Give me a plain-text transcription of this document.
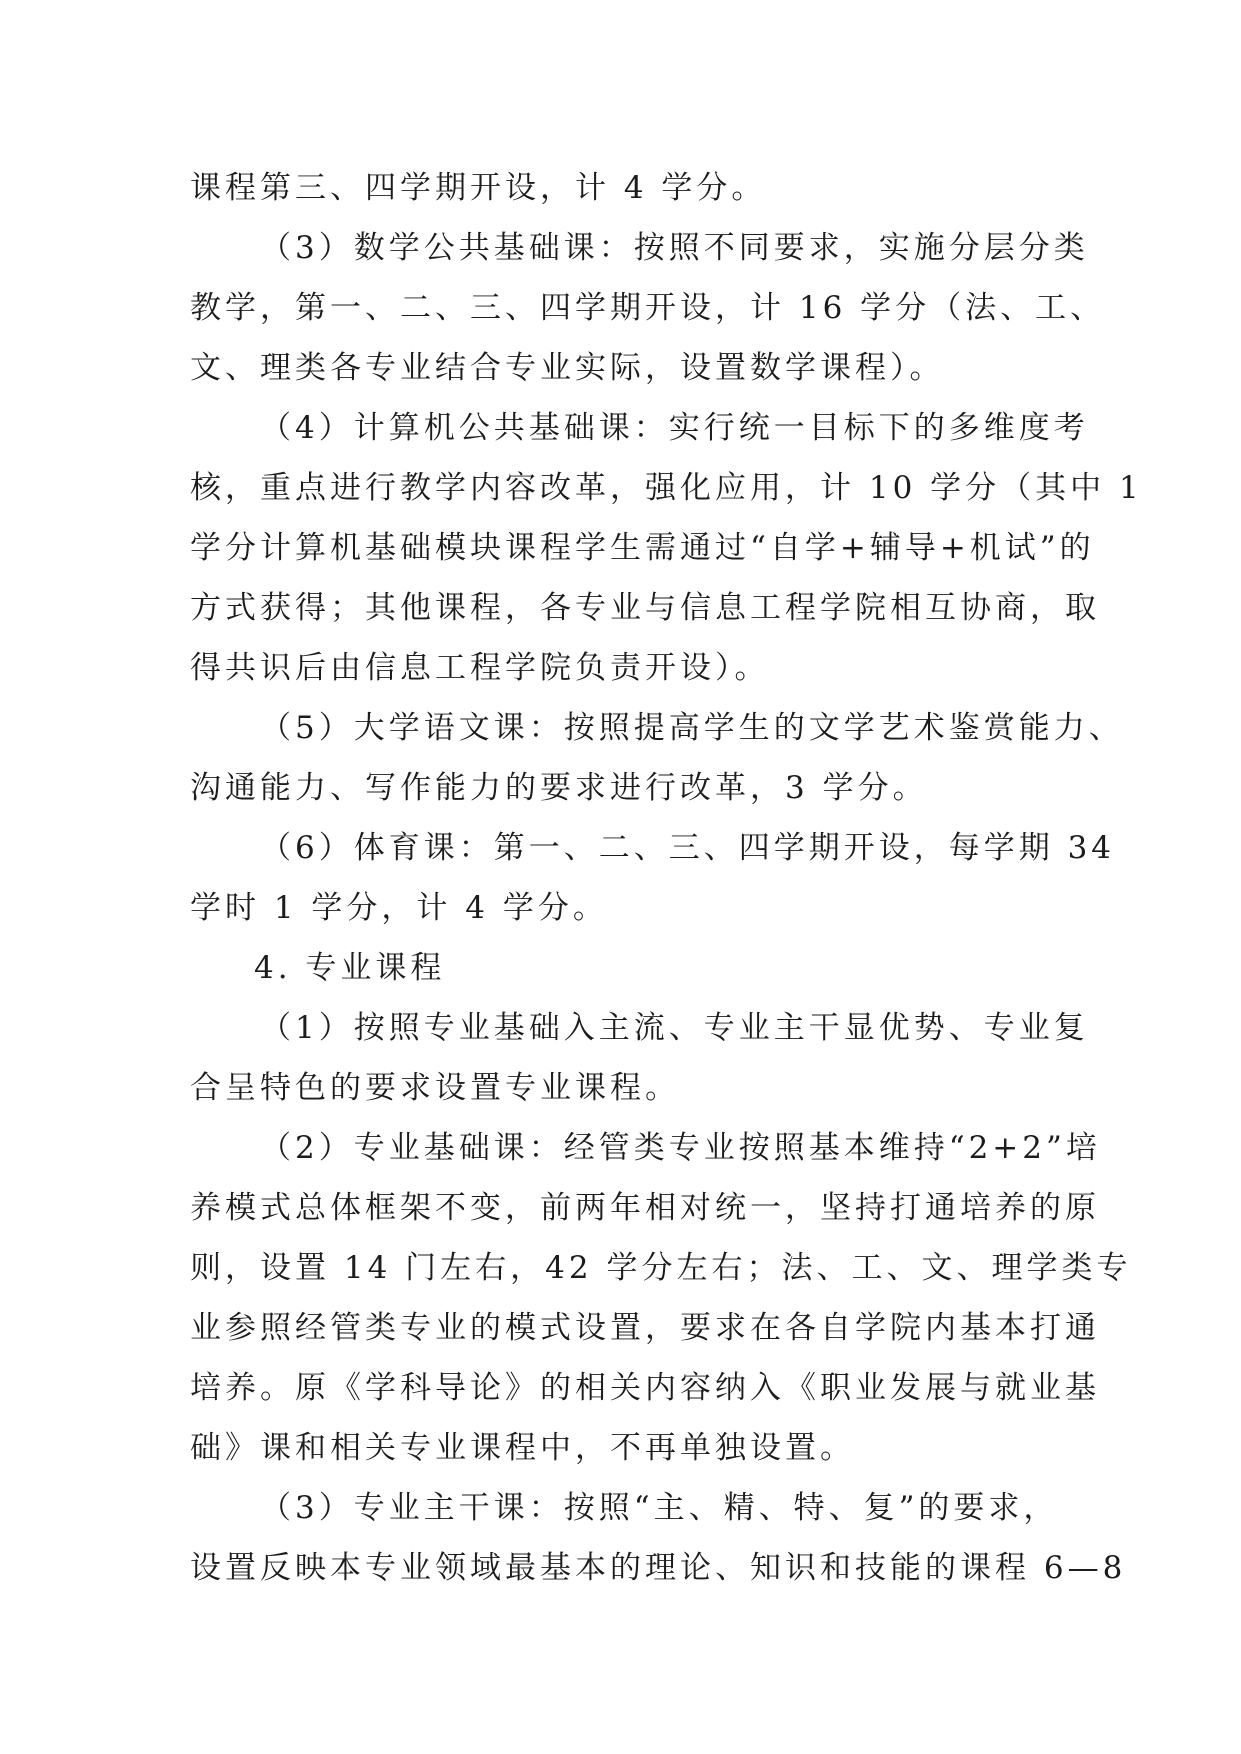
课程第三、四学期开设，计 4 学分。
（3）数学公共基础课：按照不同要求，实施分层分类
教学，第一、二、三、四学期开设，计 16 学分（法、工、
文、理类各专业结合专业实际，设置数学课程）。
（4）计算机公共基础课：实行统一目标下的多维度考
核，重点进行教学内容改革，强化应用，计 10 学分（其中 1
学分计算机基础模块课程学生需通过“自学+辅导+机试”的
方式获得；其他课程，各专业与信息工程学院相互协商，取
得共识后由信息工程学院负责开设）。
（5）大学语文课：按照提高学生的文学艺术鉴赏能力、
沟通能力、写作能力的要求进行改革，3 学分。
（6）体育课：第一、二、三、四学期开设，每学期 34
学时 1 学分，计 4 学分。
4. 专业课程
（1）按照专业基础入主流、专业主干显优势、专业复
合呈特色的要求设置专业课程。
（2）专业基础课：经管类专业按照基本维持“2+2”培
养模式总体框架不变，前两年相对统一，坚持打通培养的原
则，设置 14 门左右，42 学分左右；法、工、文、理学类专
业参照经管类专业的模式设置，要求在各自学院内基本打通
培养。原《学科导论》的相关内容纳入《职业发展与就业基
础》课和相关专业课程中，不再单独设置。
（3）专业主干课：按照“主、精、特、复”的要求，
设置反映本专业领域最基本的理论、知识和技能的课程 6—8
